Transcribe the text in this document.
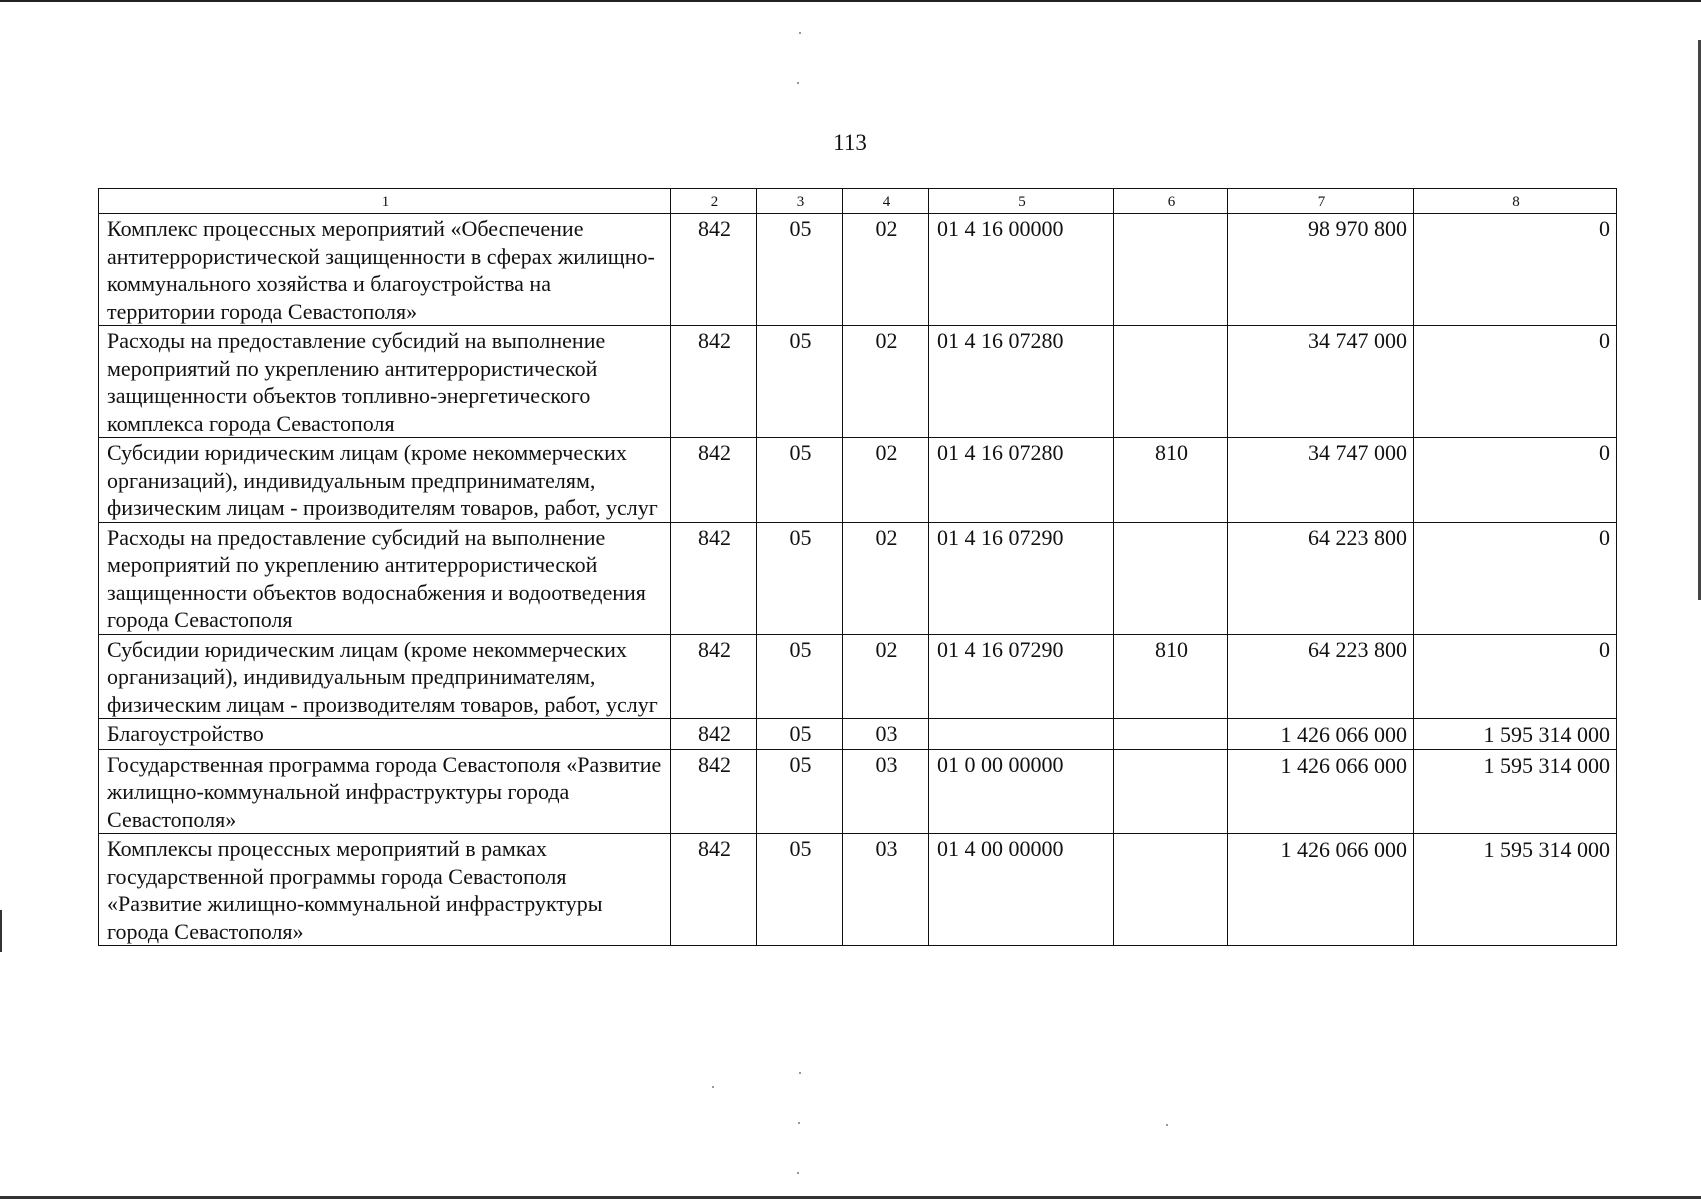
113
1	2	3	4	5	6	7	8
Комплекс процессных мероприятий «Обеспечение антитеррористической защищенности в сферах жилищно-коммунального хозяйства и благоустройства на территории города Севастополя»	842	05	02	01 4 16 00000		98 970 800	0
Расходы на предоставление субсидий на выполнение мероприятий по укреплению антитеррористической защищенности объектов топливно-энергетического комплекса города Севастополя	842	05	02	01 4 16 07280		34 747 000	0
Субсидии юридическим лицам (кроме некоммерческих организаций), индивидуальным предпринимателям, физическим лицам - производителям товаров, работ, услуг	842	05	02	01 4 16 07280	810	34 747 000	0
Расходы на предоставление субсидий на выполнение мероприятий по укреплению антитеррористической защищенности объектов водоснабжения и водоотведения города Севастополя	842	05	02	01 4 16 07290		64 223 800	0
Субсидии юридическим лицам (кроме некоммерческих организаций), индивидуальным предпринимателям, физическим лицам - производителям товаров, работ, услуг	842	05	02	01 4 16 07290	810	64 223 800	0
Благоустройство	842	05	03			1 426 066 000	1 595 314 000
Государственная программа города Севастополя «Развитие жилищно-коммунальной инфраструктуры города Севастополя»	842	05	03	01 0 00 00000		1 426 066 000	1 595 314 000
Комплексы процессных мероприятий в рамках государственной программы города Севастополя «Развитие жилищно-коммунальной инфраструктуры города Севастополя»	842	05	03	01 4 00 00000		1 426 066 000	1 595 314 000
